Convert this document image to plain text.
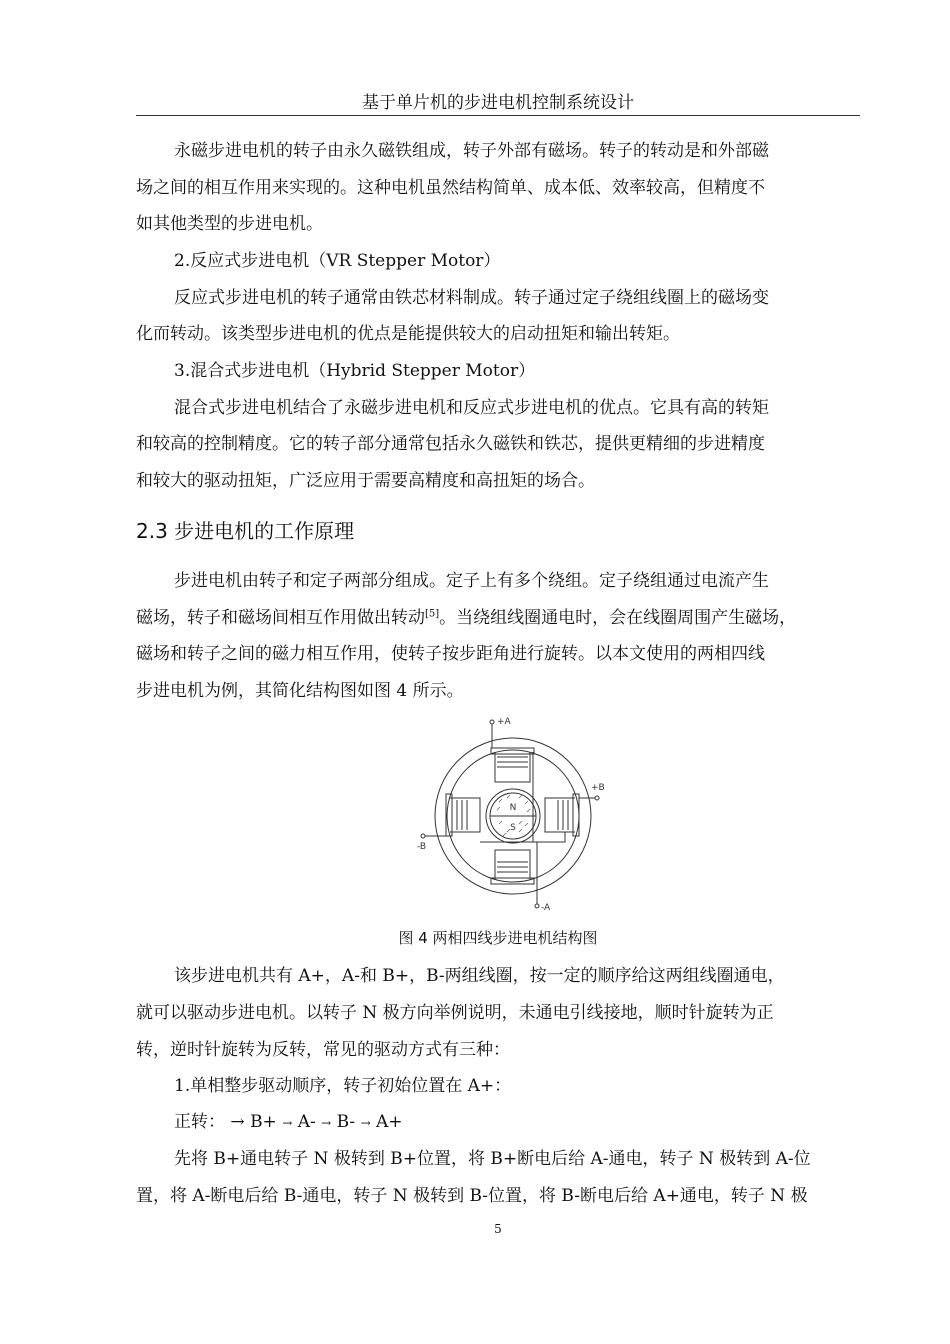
基于单片机的步进电机控制系统设计
永磁步进电机的转子由永久磁铁组成，转子外部有磁场。转子的转动是和外部磁
场之间的相互作用来实现的。这种电机虽然结构简单、成本低、效率较高，但精度不
如其他类型的步进电机。
2.反应式步进电机（VR Stepper Motor）
反应式步进电机的转子通常由铁芯材料制成。转子通过定子绕组线圈上的磁场变
化而转动。该类型步进电机的优点是能提供较大的启动扭矩和输出转矩。
3.混合式步进电机（Hybrid Stepper Motor）
混合式步进电机结合了永磁步进电机和反应式步进电机的优点。它具有高的转矩
和较高的控制精度。它的转子部分通常包括永久磁铁和铁芯，提供更精细的步进精度
和较大的驱动扭矩，广泛应用于需要高精度和高扭矩的场合。
2.3 步进电机的工作原理
步进电机由转子和定子两部分组成。定子上有多个绕组。定子绕组通过电流产生
磁场，转子和磁场间相互作用做出转动[5]。当绕组线圈通电时，会在线圈周围产生磁场，
磁场和转子之间的磁力相互作用，使转子按步距角进行旋转。以本文使用的两相四线
步进电机为例，其简化结构图如图 4 所示。
N
S
+A
-A
+B
-B
图 4 两相四线步进电机结构图
该步进电机共有 A+，A-和 B+，B-两组线圈，按一定的顺序给这两组线圈通电，
就可以驱动步进电机。以转子 N 极方向举例说明，未通电引线接地，顺时针旋转为正
转，逆时针旋转为反转，常见的驱动方式有三种：
1.单相整步驱动顺序，转子初始位置在 A+：
正转： → B+ → A- → B- → A+
先将 B+通电转子 N 极转到 B+位置，将 B+断电后给 A-通电，转子 N 极转到 A-位
置，将 A-断电后给 B-通电，转子 N 极转到 B-位置，将 B-断电后给 A+通电，转子 N 极
5
